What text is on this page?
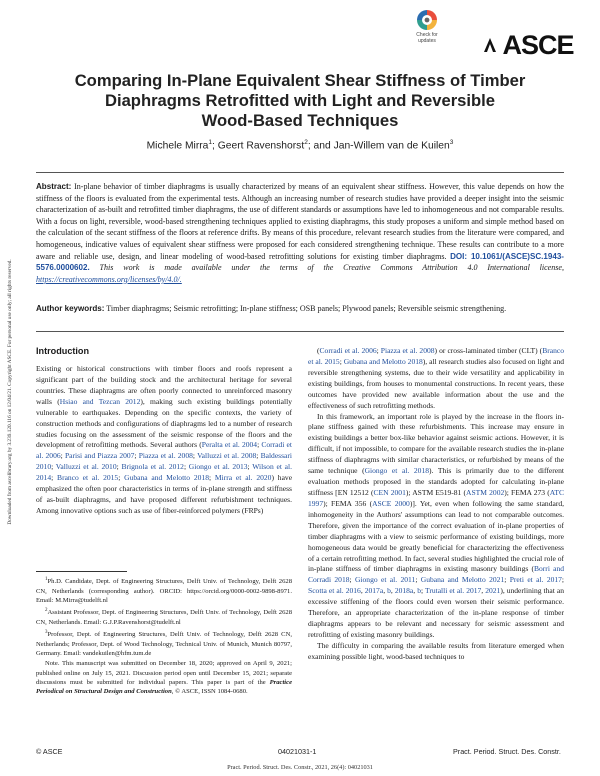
Downloaded from ascelibrary.org by 3.239.120.116 on 12/04/21. Copyright ASCE. For personal use only; all rights reserved.
Check for
updates	ASCE
Comparing In-Plane Equivalent Shear Stiffness of Timber
Diaphragms Retrofitted with Light and Reversible
Wood-Based Techniques
Michele Mirra$^1$; Geert Ravenshorst$^2$; and Jan-Willem van de Kuilen$^3$
Abstract: In-plane behavior of timber diaphragms is usually characterized by means of an equivalent shear stiffness. However, this value depends on how the stiffness of the floors is evaluated from the experimental tests. Although an increasing number of research studies have provided a deeper insight into the seismic characterization of as-built and retrofitted timber diaphragms, the use of different standards or assumptions have led to inhomogeneous and not comparable results. With a focus on light, reversible, wood-based strengthening techniques applied to existing diaphragms, this study proposes a uniform and simple method based on the calculation of the secant stiffness of the floors at reference drifts. By means of this procedure, relevant research studies from the literature were compared, and homogeneous, indicative values of equivalent shear stiffness were proposed for each considered strengthening technique. These results can contribute to a more aware and reliable use, design, and linear modeling of wood-based retrofitting solutions for existing timber diaphragms. DOI: 10.1061/(ASCE)SC.1943-5576.0000602. This work is made available under the terms of the Creative Commons Attribution 4.0 International license, https://creativecommons.org/licenses/by/4.0/.
Author keywords: Timber diaphragms; Seismic retrofitting; In-plane stiffness; OSB panels; Plywood panels; Reversible seismic strengthening.
Introduction

Existing or historical constructions with timber floors and roofs represent a significant part of the building stock and the architectural heritage for several countries. These diaphragms are often poorly connected to unreinforced masonry walls (Hsiao and Tezcan 2012), making such existing buildings potentially vulnerable to earthquakes. Depending on the specific contexts, the variety of construction methods and configurations of diaphragms led to a number of research studies focusing on the assessment of the seismic response of the floors and the development of retrofitting methods. Several authors (Peralta et al. 2004; Corradi et al. 2006; Parisi and Piazza 2007; Piazza et al. 2008; Valluzzi et al. 2008; Baldessari 2010; Valluzzi et al. 2010; Brignola et al. 2012; Giongo et al. 2013; Wilson et al. 2014; Branco et al. 2015; Gubana and Melotto 2018; Mirra et al. 2020) have emphasized the often poor characteristics in terms of in-plane strength and stiffness of as-built diaphragms, and have proposed different refurbishment techniques. Among innovative options such as use of fiber-reinforced polymers (FRPs)

(Corradi et al. 2006; Piazza et al. 2008) or cross-laminated timber (CLT) (Branco et al. 2015; Gubana and Melotto 2018), all research studies also focused on light and reversible strengthening systems, due to their wide versatility and applicability in existing buildings, from houses to monumental constructions. In recent years, these outcomes have provided new available information about the use and the effectiveness of such retrofitting methods.

In this framework, an important role is played by the increase in the floors in-plane stiffness gained with these refurbishments. This increase may ensure in existing buildings a better box-like behavior against seismic actions. However, it is difficult, if not impossible, to compare for the available research studies the in-plane stiffness of diaphragms with similar characteristics, or refurbished by means of the same technique (Giongo et al. 2018). This is primarily due to the different evaluation methods proposed in the standards adopted for calculating in-plane stiffness [EN 12512 (CEN 2001); ASTM E519-81 (ASTM 2002); FEMA 273 (ATC 1997); FEMA 356 (ASCE 2000)]. Yet, even when following the same standard, inhomogeneity in the Authors' assumptions can lead to not comparable outcomes. Therefore, given the importance of the correct evaluation of in-plane properties of timber diaphragms with a view to seismic performance of existing buildings, more homogeneous data would be greatly beneficial for characterizing the effectiveness of a certain retrofitting method. In fact, several studies highlighted the crucial role of in-plane stiffness of timber diaphragms in existing masonry buildings (Borri and Corradi 2018; Giongo et al. 2011; Gubana and Melotto 2021; Preti et al. 2017; Scotta et al. 2016, 2017a, b, 2018a, b; Trutalli et al. 2017, 2021), underlining that an excessive stiffening of the floors could even worsen their seismic performance. Therefore, an appropriate characterization of the in-plane response of timber diaphragms appears to be relevant and necessary for seismic assessment and retrofitting of existing masonry buildings.

The difficulty in comparing the available results from literature emerged when examining possible light, wood-based techniques to

$^1$Ph.D. Candidate, Dept. of Engineering Structures, Delft Univ. of Technology, Delft 2628 CN, Netherlands (corresponding author). ORCID: https://orcid.org/0000-0002-9898-8971. Email: M.Mirra@tudelft.nl

$^2$Assistant Professor, Dept. of Engineering Structures, Delft Univ. of Technology, Delft 2628 CN, Netherlands. Email: G.J.P.Ravenshorst@tudelft.nl

$^3$Professor, Dept. of Engineering Structures, Delft Univ. of Technology, Delft 2628 CN, Netherlands; Professor, Dept. of Wood Technology, Technical Univ. of Munich, Munich 80797, Germany. Email: vandekuilen@hfm.tum.de

Note. This manuscript was submitted on December 18, 2020; approved on April 9, 2021; published online on July 15, 2021. Discussion period open until December 15, 2021; separate discussions must be submitted for individual papers. This paper is part of the Practice Periodical on Structural Design and Construction, © ASCE, ISSN 1084-0680.

© ASCE	04021031-1	Pract. Period. Struct. Des. Constr.
Pract. Period. Struct. Des. Constr., 2021, 26(4): 04021031
